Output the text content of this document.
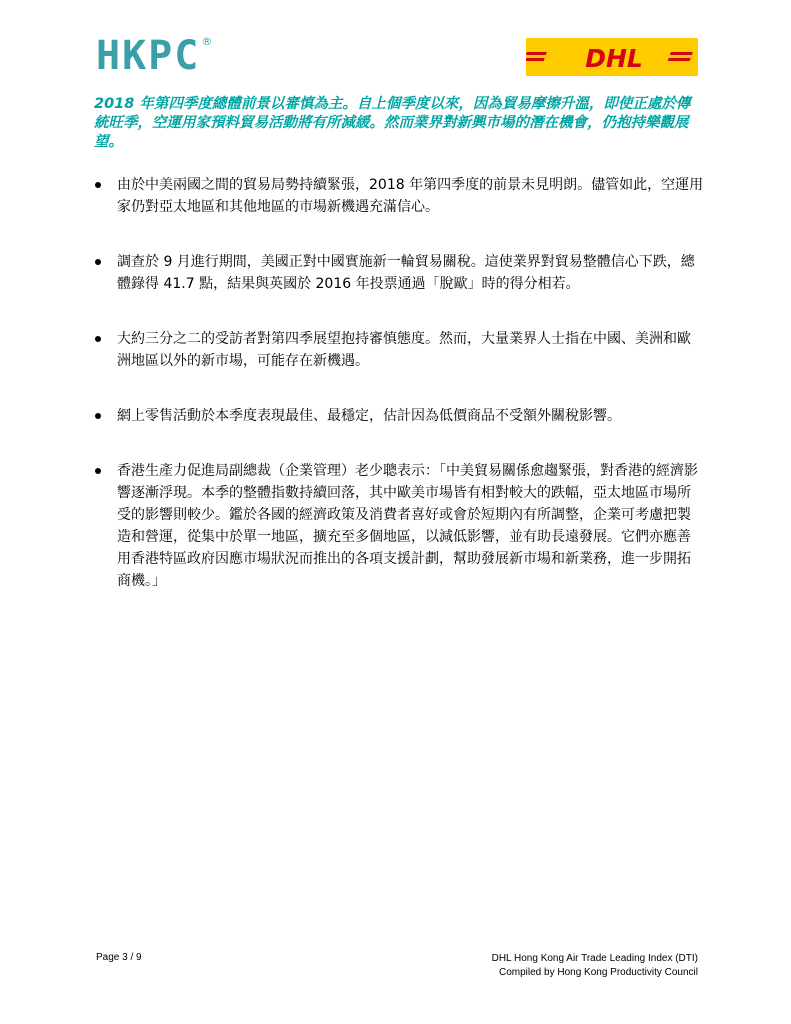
HKPC ®
DHL
2018 年第四季度總體前景以審慎為主。自上個季度以來，因為貿易摩擦升溫，即使正處於傳統旺季，空運用家預料貿易活動將有所減緩。然而業界對新興市場的潛在機會，仍抱持樂觀展望。
由於中美兩國之間的貿易局勢持續緊張，2018 年第四季度的前景未見明朗。儘管如此，空運用家仍對亞太地區和其他地區的市場新機遇充滿信心。
調查於 9 月進行期間，美國正對中國實施新一輪貿易關稅。這使業界對貿易整體信心下跌，總體錄得 41.7 點，結果與英國於 2016 年投票通過「脫歐」時的得分相若。
大約三分之二的受訪者對第四季展望抱持審慎態度。然而，大量業界人士指在中國、美洲和歐洲地區以外的新市場，可能存在新機遇。
網上零售活動於本季度表現最佳、最穩定，估計因為低價商品不受額外關稅影響。
香港生產力促進局副總裁（企業管理）老少聰表示：「中美貿易關係愈趨緊張，對香港的經濟影響逐漸浮現。本季的整體指數持續回落，其中歐美市場皆有相對較大的跌幅，亞太地區市場所受的影響則較少。鑑於各國的經濟政策及消費者喜好或會於短期內有所調整，企業可考慮把製造和營運，從集中於單一地區，擴充至多個地區，以減低影響，並有助長遠發展。它們亦應善用香港特區政府因應市場狀況而推出的各項支援計劃，幫助發展新市場和新業務，進一步開拓商機。」
Page 3 / 9	DHL Hong Kong Air Trade Leading Index (DTI)
Compiled by Hong Kong Productivity Council
